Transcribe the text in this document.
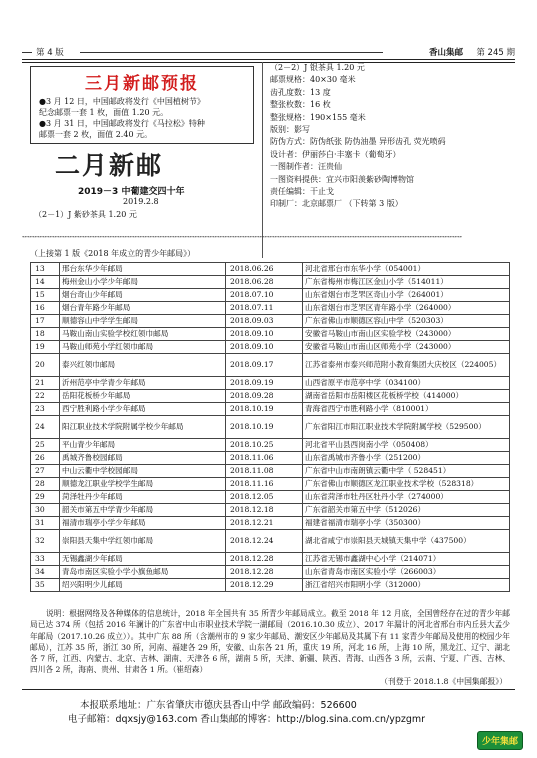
第 4 版	香山集邮 第 245 期
三月新邮预报

●3 月 12 日，中国邮政将发行《中国植树节》

纪念邮票一套 1 枚，面值 1.20 元。

●3 月 31 日，中国邮政将发行《马拉松》特种

邮票一套 2 枚，面值 2.40 元。

二月新邮
2019－3 中葡建交四十年
2019.2.8
（2－1）J 紫砂茶具 1.20 元
（2－2）J 银茶具 1.20 元
邮票规格：40×30 毫米
齿孔度数：13 度
整张枚数：16 枚
整张规格：190×155 毫米
版别：影写
防伪方式：防伪纸张 防伪油墨 异形齿孔 荧光喷码
设计者：伊丽莎白·丰塞卡（葡萄牙）
一图制作者：汪贵仙
一图资料提供：宜兴市阳羡紫砂陶博物馆
责任编辑：干止戈
印制厂：北京邮票厂 （下转第 3 版）
********************************************************************************************************************************************************************************
（上接第 1 版《2018 年成立的青少年邮局》）
13	邢台东华少年邮局	2018.06.26	河北省邢台市东华小学（054001）
14	梅州金山小学少年邮局	2018.06.28	广东省梅州市梅江区金山小学（514011）
15	烟台奇山少年邮局	2018.07.10	山东省烟台市芝罘区奇山小学（264001）
16	烟台青年路少年邮局	2018.07.11	山东省烟台市芝罘区青年路小学（264000）
17	顺德容山中学学生邮局	2018.09.03	广东省佛山市顺德区容山中学（520303）
18	马鞍山南山实验学校红领巾邮局	2018.09.10	安徽省马鞍山市南山区实验学校（243000）
19	马鞍山师苑小学红领巾邮局	2018.09.10	安徽省马鞍山市南山区师苑小学（243000）
20	泰兴红领巾邮局	2018.09.17	江苏省泰州市泰兴师范附小教育集团大庆校区（224005）
21	沂州范亭中学青少年邮局	2018.09.19	山西省原平市范亭中学（034100）
22	岳阳花板桥少年邮局	2018.09.28	湖南省岳阳市岳阳楼区花板桥学校（414000）
23	西宁胜利路小学少年邮局	2018.10.19	青海省西宁市胜利路小学（810001）
24	阳江职业技术学院附属学校少年邮局	2018.10.19	广东省阳江市阳江职业技术学院附属学校（529500）
25	平山青少年邮局	2018.10.25	河北省平山县西岗南小学（050408）
26	禹城齐鲁校园邮局	2018.11.06	山东省禹城市齐鲁小学（251200）
27	中山云衢中学校园邮局	2018.11.08	广东省中山市南朗镇云衢中学（ 528451）
28	顺德龙江职业学校学生邮局	2018.11.16	广东省佛山市顺德区龙江职业技术学校（528318）
29	菏泽牡丹少年邮局	2018.12.05	山东省菏泽市牡丹区牡丹小学（274000）
30	韶关市第五中学青少年邮局	2018.12.18	广东省韶关市第五中学（512026）
31	福清市瑞亭小学少年邮局	2018.12.21	福建省福清市瑞亭小学（350300）
32	崇阳县天集中学红领巾邮局	2018.12.24	湖北省咸宁市崇阳县天城镇天集中学（437500）
33	无锡鑫湖少年邮局	2018.12.28	江苏省无锡市鑫湖中心小学（214071）
34	青岛市南区实验小学小旗鱼邮局	2018.12.28	山东省青岛市南区实验小学（266003）
35	绍兴阳明少儿邮局	2018.12.29	浙江省绍兴市阳明小学（312000）
说明：根据网络及各种媒体的信息统计，2018 年全国共有 35 所青少年邮局成立。截至 2018 年 12 月底，全国曾经存在过的青少年邮局已达 374 所（包括 2016 年澜计的广东省中山市职业技术学院一湖邮局（2016.10.30 成立）、2017 年漏计的河北省邢台市内丘县大孟少年邮局（2017.10.26 成立））。其中广东 88 所（含潮州市的 9 家少年邮局、潮安区少年邮局及其属下有 11 家青少年邮局及使用的校园少年邮局），江苏 35 所，浙江 30 所，河南、福建各 29 所，安徽、山东各 21 所，重庆 19 所，河北 16 所，上海 10 所，黑龙江、辽宁、湖北各 7 所，江西、内蒙古、北京、吉林、湖南、天津各 6 所，湖南 5 所，天津、新疆、陕西、青海、山西各 3 所，云南、宁夏、广西、吉林、四川各 2 所，海南、贵州、甘肃各 1 所。（崔绍森）
（刊登于 2018.1.8《中国集邮报》）
本报联系地址：广东省肇庆市德庆县香山中学 邮政编码：526600
电子邮箱：dqxsjy@163.com 香山集邮的博客：http://blog.sina.com.cn/ypzgmr
少年集邮
